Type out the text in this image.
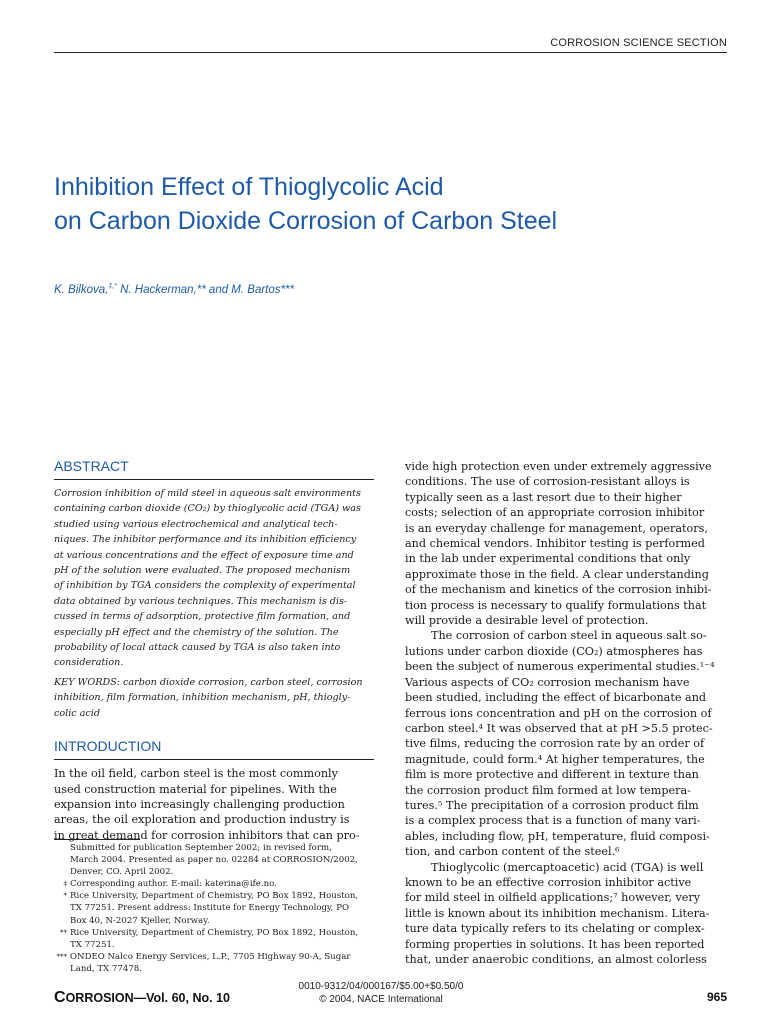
CORROSION SCIENCE SECTION
Inhibition Effect of Thioglycolic Acid
on Carbon Dioxide Corrosion of Carbon Steel
K. Bilkova,‡,* N. Hackerman,** and M. Bartos***
ABSTRACT
Corrosion inhibition of mild steel in aqueous salt environments
containing carbon dioxide (CO₂) by thioglycolic acid (TGA) was
studied using various electrochemical and analytical tech-
niques. The inhibitor performance and its inhibition efficiency
at various concentrations and the effect of exposure time and
pH of the solution were evaluated. The proposed mechanism
of inhibition by TGA considers the complexity of experimental
data obtained by various techniques. This mechanism is dis-
cussed in terms of adsorption, protective film formation, and
especially pH effect and the chemistry of the solution. The
probability of local attack caused by TGA is also taken into
consideration.
KEY WORDS: carbon dioxide corrosion, carbon steel, corrosion
inhibition, film formation, inhibition mechanism, pH, thiogly-
colic acid
INTRODUCTION
In the oil field, carbon steel is the most commonly
used construction material for pipelines. With the
expansion into increasingly challenging production
areas, the oil exploration and production industry is
in great demand for corrosion inhibitors that can pro-
Submitted for publication September 2002; in revised form,
March 2004. Presented as paper no. 02284 at CORROSION/2002,
Denver, CO. April 2002.
‡ Corresponding author. E-mail: katerina@ife.no.
* Rice University, Department of Chemistry, PO Box 1892, Houston,
TX 77251. Present address: Institute for Energy Technology, PO
Box 40, N-2027 Kjeller, Norway.
** Rice University, Department of Chemistry, PO Box 1892, Houston,
TX 77251.
*** ONDEO Nalco Energy Services, L.P., 7705 Highway 90-A, Sugar
Land, TX 77478.
vide high protection even under extremely aggressive
conditions. The use of corrosion-resistant alloys is
typically seen as a last resort due to their higher
costs; selection of an appropriate corrosion inhibitor
is an everyday challenge for management, operators,
and chemical vendors. Inhibitor testing is performed
in the lab under experimental conditions that only
approximate those in the field. A clear understanding
of the mechanism and kinetics of the corrosion inhibi-
tion process is necessary to qualify formulations that
will provide a desirable level of protection.
The corrosion of carbon steel in aqueous salt so-
lutions under carbon dioxide (CO₂) atmospheres has
been the subject of numerous experimental studies.¹⁻⁴
Various aspects of CO₂ corrosion mechanism have
been studied, including the effect of bicarbonate and
ferrous ions concentration and pH on the corrosion of
carbon steel.⁴ It was observed that at pH >5.5 protec-
tive films, reducing the corrosion rate by an order of
magnitude, could form.⁴ At higher temperatures, the
film is more protective and different in texture than
the corrosion product film formed at low tempera-
tures.⁵ The precipitation of a corrosion product film
is a complex process that is a function of many vari-
ables, including flow, pH, temperature, fluid composi-
tion, and carbon content of the steel.⁶
Thioglycolic (mercaptoacetic) acid (TGA) is well
known to be an effective corrosion inhibitor active
for mild steel in oilfield applications;⁷ however, very
little is known about its inhibition mechanism. Litera-
ture data typically refers to its chelating or complex-
forming properties in solutions. It has been reported
that, under anaerobic conditions, an almost colorless
CORROSION—Vol. 60, No. 10
0010-9312/04/000167/$5.00+$0.50/0
© 2004, NACE International	965
